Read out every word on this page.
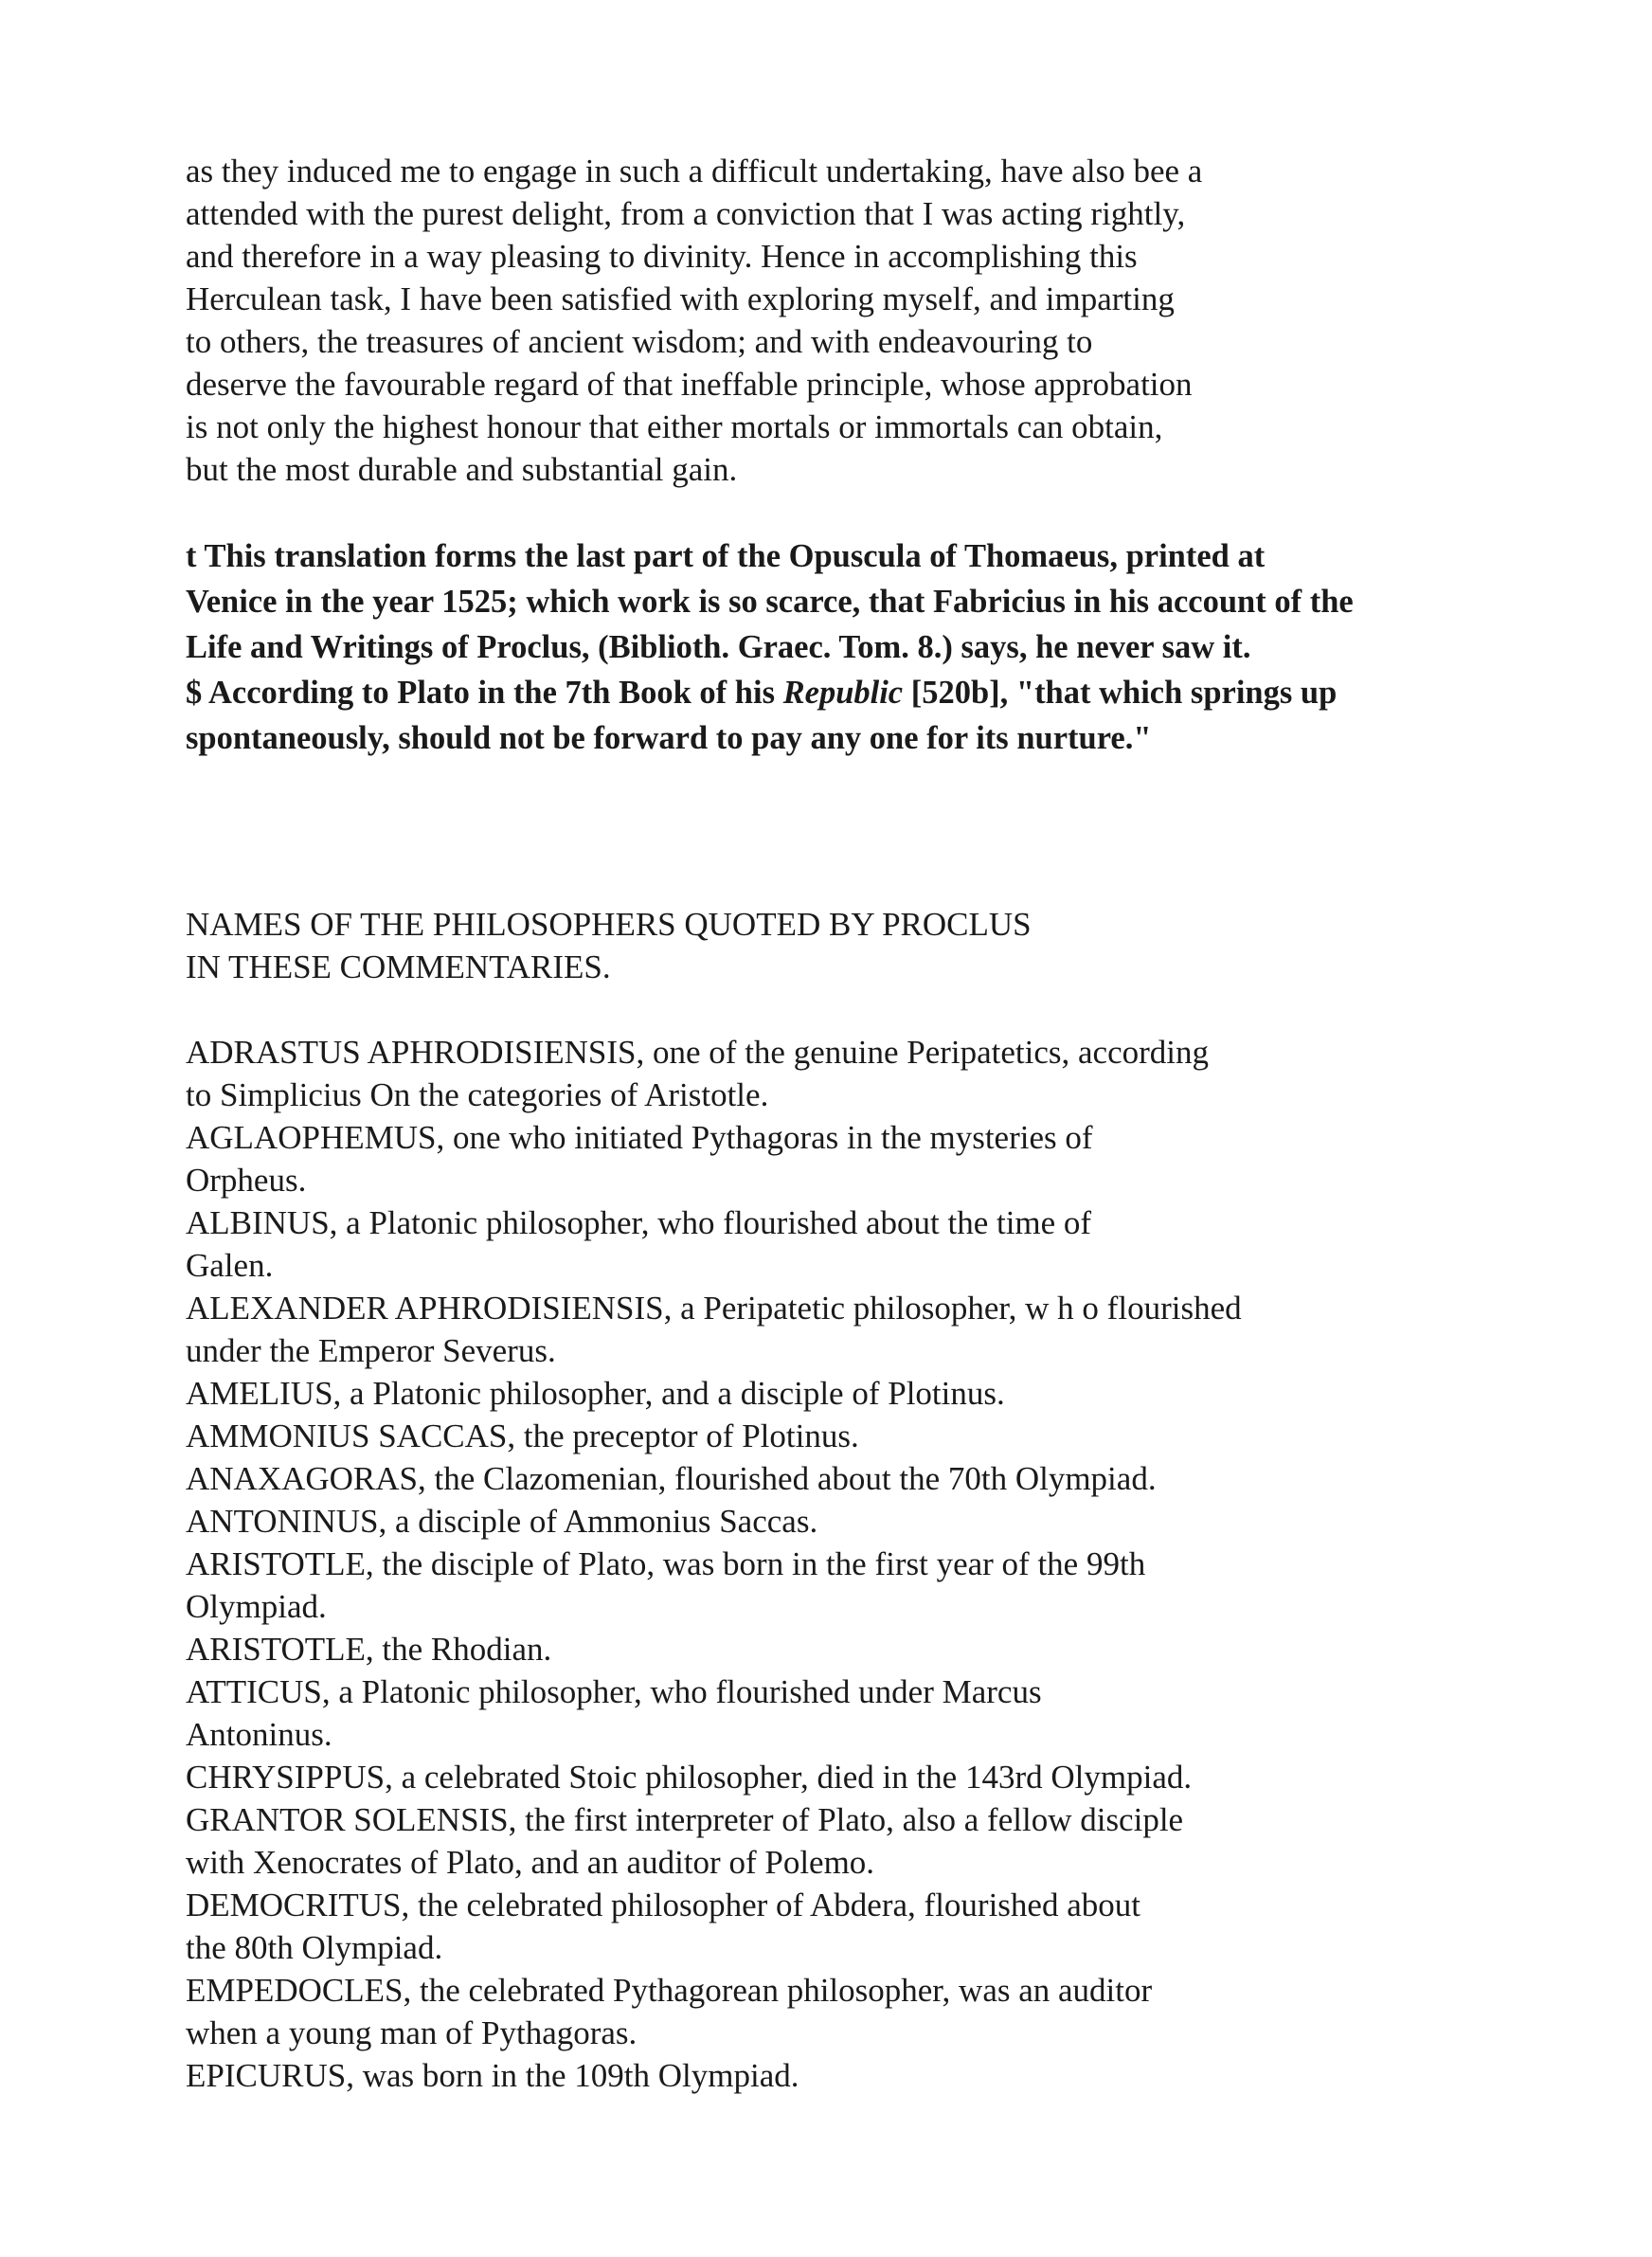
as they induced me to engage in such a difficult undertaking, have also bee a
attended with the purest delight, from a conviction that I was acting rightly,
and therefore in a way pleasing to divinity. Hence in accomplishing this
Herculean task, I have been satisfied with exploring myself, and imparting
to others, the treasures of ancient wisdom; and with endeavouring to
deserve the favourable regard of that ineffable principle, whose approbation
is not only the highest honour that either mortals or immortals can obtain,
but the most durable and substantial gain.
t This translation forms the last part of the Opuscula of Thomaeus, printed at
Venice in the year 1525; which work is so scarce, that Fabricius in his account of the
Life and Writings of Proclus, (Biblioth. Graec. Tom. 8.) says, he never saw it.
$ According to Plato in the 7th Book of his Republic [520b], "that which springs up
spontaneously, should not be forward to pay any one for its nurture."
NAMES OF THE PHILOSOPHERS QUOTED BY PROCLUS
IN THESE COMMENTARIES.
ADRASTUS APHRODISIENSIS, one of the genuine Peripatetics, according
to Simplicius On the categories of Aristotle.
AGLAOPHEMUS, one who initiated Pythagoras in the mysteries of
Orpheus.
ALBINUS, a Platonic philosopher, who flourished about the time of
Galen.
ALEXANDER APHRODISIENSIS, a Peripatetic philosopher, w h o flourished
under the Emperor Severus.
AMELIUS, a Platonic philosopher, and a disciple of Plotinus.
AMMONIUS SACCAS, the preceptor of Plotinus.
ANAXAGORAS, the Clazomenian, flourished about the 70th Olympiad.
ANTONINUS, a disciple of Ammonius Saccas.
ARISTOTLE, the disciple of Plato, was born in the first year of the 99th
Olympiad.
ARISTOTLE, the Rhodian.
ATTICUS, a Platonic philosopher, who flourished under Marcus
Antoninus.
CHRYSIPPUS, a celebrated Stoic philosopher, died in the 143rd Olympiad.
GRANTOR SOLENSIS, the first interpreter of Plato, also a fellow disciple
with Xenocrates of Plato, and an auditor of Polemo.
DEMOCRITUS, the celebrated philosopher of Abdera, flourished about
the 80th Olympiad.
EMPEDOCLES, the celebrated Pythagorean philosopher, was an auditor
when a young man of Pythagoras.
EPICURUS, was born in the 109th Olympiad.
